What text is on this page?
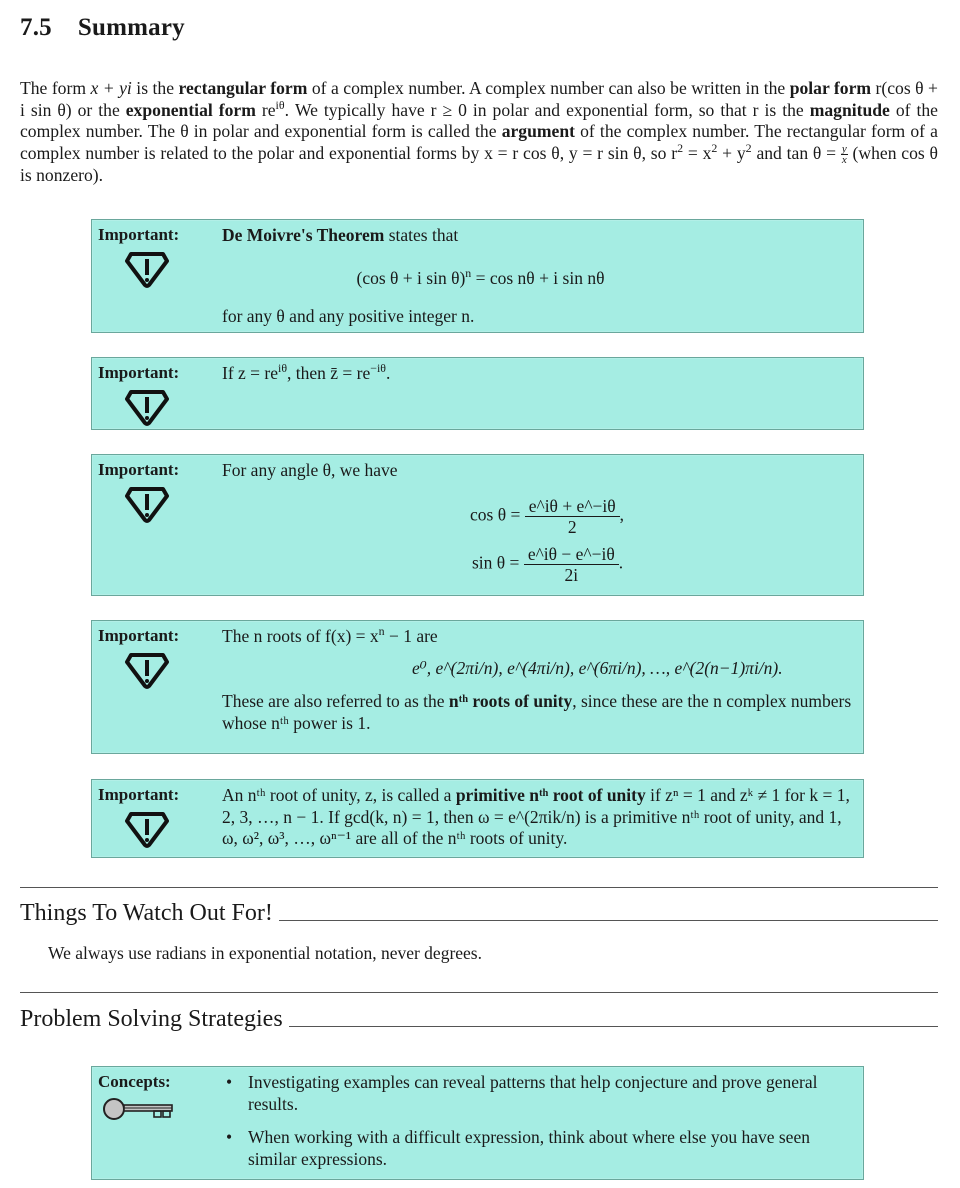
7.5 Summary
The form x + yi is the rectangular form of a complex number. A complex number can also be written in the polar form r(cos θ + i sin θ) or the exponential form $re^{i\theta}$. We typically have r ≥ 0 in polar and exponential form, so that r is the magnitude of the complex number. The θ in polar and exponential form is called the argument of the complex number. The rectangular form of a complex number is related to the polar and exponential forms by x = r cos θ, y = r sin θ, so $r^2 = x^2 + y^2$ and $\tan \theta = \frac{y}{x}$ (when cos θ is nonzero).
Important: De Moivre's Theorem states that
(cos θ + i sin θ)$^n$ = cos nθ + i sin nθ
for any θ and any positive integer n.
Important: If $z = re^{i\theta}$, then z̄ = $re^{-i\theta}$.
Important: For any angle θ, we have
$\cos \theta = \frac{e\^{}i\theta + e\^{}-i\theta}{2}$ ,
$\sin \theta = \frac{e\^{}i\theta - e\^{}-i\theta}{2i}$ .
Important: The n roots of $f(x) = x^n - 1$ are
e⁰, e^(2πi/n), e^(4πi/n), e^(6πi/n), …, e^(2(n−1)πi/n).
These are also referred to as the nᵗʰ roots of unity, since these are the n complex numbers whose nᵗʰ power is 1.
Important: An nᵗʰ root of unity, z, is called a primitive nᵗʰ root of unity if zⁿ = 1 and zᵏ ≠ 1 for k = 1, 2, 3, …, n − 1. If gcd(k, n) = 1, then ω = e^(2πik/n) is a primitive nᵗʰ root of unity, and 1, ω, ω², ω³, …, ωⁿ⁻¹ are all of the nᵗʰ roots of unity.
Things To Watch Out For!
We always use radians in exponential notation, never degrees.
Problem Solving Strategies
Concepts:	• Investigating examples can reveal patterns that help conjecture and prove general results.
• When working with a difficult expression, think about where else you have seen similar expressions.
